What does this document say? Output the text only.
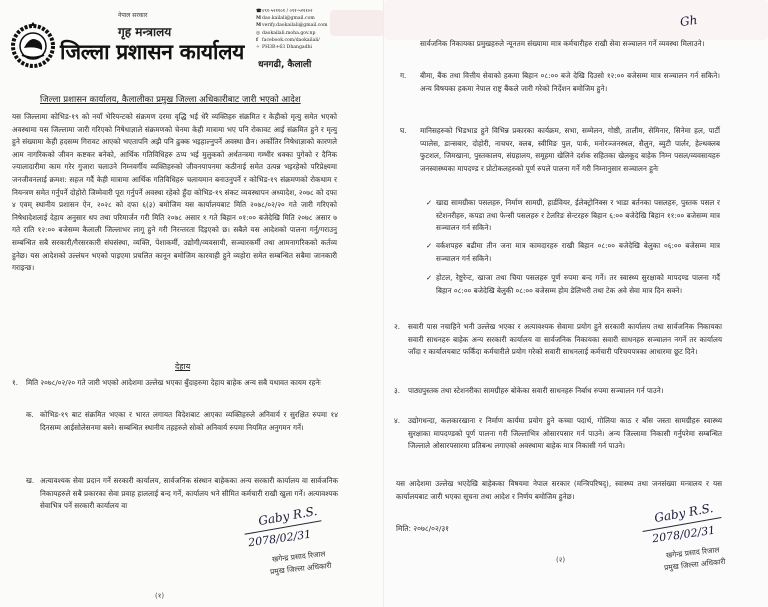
नेपाल सरकार
गृह मन्त्रालय
जिल्ला प्रशासन कार्यालय
☎०९१-५२११०१ / ०९१-५२११०२
Mdao.kailali@gmail.com
Mverify.daokailali@gmail.com
◎ daokailali.moha.gov.np
f facebook.com/daokailali/
⁘ PH3R+63 Dhangadhi
धनगढी, कैलाली
जिल्ला प्रशासन कार्यालय, कैलालीका प्रमुख जिल्ला अधिकारीबाट जारी भएको आदेश
यस जिल्लामा कोभिड-१९ को नयाँ भेरियन्टको संक्रमण दरमा वृद्धि भई धेरै व्यक्तिहरु संक्रमित र केहीको मृत्यु समेत भएको अवस्थामा यस जिल्लामा जारी गरिएको निषेधाज्ञाले संक्रमणको चेनमा केही मात्रामा भए पनि रोकावट आई संक्रमित हुने र मृत्यु हुने संख्यामा केही हदसम्म गिरावट आएको भएतापनि अझै पनि ढुक्क भइहाल्नुपर्ने अवस्था छैन। अर्कोतिर निषेधाज्ञाको कारणले आम नागरिकको जीवन कष्टकर बनेको, आर्थिक गतिविधिहरु ठप्प भई मुलुकको अर्थतन्त्रमा गम्भीर धक्का पुगेको र दैनिक ज्यालादारीमा काम गरेर गुजारा चलाउने निम्नवर्गीय व्यक्तिहरुको जीवनयापनमा कठीनाई समेत उत्पन्न भइरहेको परिप्रेक्ष्यमा जनजीवनलाई क्रमश: सहज गर्दै केही मात्रामा आर्थिक गतिविधिहरु चलायमान बनाउनुपर्ने र कोभिड-१९ संक्रमणको रोकथाम र नियन्त्रण समेत गर्नुपर्ने दोहोरो जिम्मेवारी पूरा गर्नुपर्ने अवस्था रहेको हुँदा कोभिड-१९ संकट व्यवस्थापन अध्यादेश, २०७८ को दफा ४ एवम् स्थानीय प्रशासन ऐन, २०२८ को दफा ६(३) बमोजिम यस कार्यालयबाट मिति २०७८/०२/२० गते जारी गरिएको निषेधादेशलाई देहाय अनुसार थप तथा परिमार्जन गरी मिति २०७८ असार १ गते बिहान ०१:०० बजेदेखि मिति २०७८ असार ७ गते राति १२:०० बजेसम्म कैलाली जिल्लाभर लागू हुने गरी निरन्तरता दिइएको छ। सबैले यस आदेशको पालना गर्नु/गराउनु सम्बन्धित सबै सरकारी/गैरसरकारी संघसंस्था, व्यक्ति, पेशाकर्मी, उद्योगी/व्यवसायी, सञ्चारकर्मी तथा आमनागरिकको कर्तव्य हुनेछ। यस आदेशको उल्लंघन भएको पाइएमा प्रचलित कानून बमोजिम कारवाही हुने व्यहोरा समेत सम्बन्धित सबैमा जानकारी गराइन्छ।
देहाय
१. मिति २०७८/०२/२० गते जारी भएको आदेशमा उल्लेख भएका बुँदाहरुमा देहाय बाहेक अन्य सबै यथावत कायम रहनेः
क. कोभिड-१९ बाट संक्रमित भएका र भारत लगायत विदेशबाट आएका व्यक्तिहरुले अनिवार्य र सुरक्षित रुपमा १४ दिनसम्म आईसोलेसनमा बस्ने। सम्बन्धित स्थानीय तहहरुले सोको अनिवार्य रुपमा नियमित अनुगमन गर्ने।
ख. अत्यावश्यक सेवा प्रदान गर्ने सरकारी कार्यालय, सार्वजनिक संस्थान बाहेकका अन्य सरकारी कार्यालय वा सार्वजनिक निकायहरुले सबै प्रकारका सेवा प्रवाह हाललाई बन्द गर्ने, कार्यालय भने सीमित कर्मचारी राखी खुला गर्ने। अत्यावश्यक सेवाभित्र पर्ने सरकारी कार्यालय वा	Gaby R.S.
2078/02/31
खगेन्द्र प्रसाद रिजाल
प्रमुख जिल्ला अधिकारी
(१)
Gh
सार्वजनिक निकायका प्रमुखहरुले न्यूनतम संख्यामा मात्र कर्मचारीहरु राखी सेवा सञ्चालन गर्ने व्यवस्था मिलाउने।
ग. बीमा, बैंक तथा वित्तीय सेवाको हकमा बिहान ०८:०० बजे देखि दिउसो १२:०० बजेसम्म मात्र सञ्चालन गर्न सकिने। अन्य विषयका हकमा नेपाल राष्ट्र बैंकले जारी गरेको निर्देशन बमोजिम हुने।
घ. मानिसहरुको भिडभाड हुने विभिन्न प्रकारका कार्यक्रम, सभा, सम्मेलन, गोष्ठी, तालीम, सेमिनार, सिनेमा हल, पार्टी प्यालेस, डान्सबार, दोहोरी, नाचघर, क्लब, स्वीमिङ पुल, पार्क, मनोरञ्जनस्थल, सैलुन, ब्युटी पार्लर, हेल्थक्लब फुटशल, जिमखाना, पुस्तकालय, संग्रहालय, समूहमा खेलिने दर्शक सहितका खेलकूद बाहेक निम्न पसल/व्यवसायहरु जनस्वास्थ्यका मापदण्ड र प्रोटोकलहरुको पूर्ण रुपले पालना गर्ने गरी निम्नानुसार सञ्चालन हुनेः
✓ खाद्य सामग्रीका पसलहरु, निर्माण सामग्री, हार्डवियर, ईलेक्ट्रोनिक्स र भाडा बर्तनका पसलहरु, पुस्तक पसल र स्टेशनरीहरु, कपडा तथा फेन्सी पसलहरु र टेलरिङ सेन्टरहरु बिहान ६:०० बजेदेखि बिहान ११:०० बजेसम्म मात्र सञ्चालन गर्न सकिने।
✓ वर्कशपहरु बढीमा तीन जना मात्र कामदारहरु राखी बिहान ०८:०० बजेदेखि बेलुका ०६:०० बजेसम्म मात्र सञ्चालन गर्न सकिने।
✓ होटल, रेष्टुरेन्ट, खाजा तथा चिया पसलहरु पूर्ण रुपमा बन्द गर्ने। तर स्वास्थ्य सुरक्षाको मापदण्ड पालना गर्दै बिहान ०८:०० बजेदेखि बेलुकी ०८:०० बजेसम्म होम डेलिभरी तथा टेक अवे सेवा मात्र दिन सक्ने।
२. सवारी पास नचाहिने भनी उल्लेख भएका र अत्यावश्यक सेवामा प्रयोग हुने सरकारी कार्यालय तथा सार्वजनिक निकायका सवारी साधनहरु बाहेक अन्य सरकारी कार्यालय वा सार्वजनिक निकायका सवारी साधनहरु सञ्चालन नगर्ने तर कार्यालय जाँदा र कार्यालयबाट फर्किँदा कर्मचारीले प्रयोग गरेको सवारी साधनलाई कर्मचारी परिचयपत्रका आधारमा छूट दिने।
३. पाठ्यपुस्तक तथा स्टेशनरीका सामग्रीहरु बोकेका सवारी साधनहरु निर्बाध रुपमा सञ्चालन गर्न पाउने।
४. उद्योगधन्दा, कलकारखाना र निर्माण कार्यमा प्रयोग हुने कच्चा पदार्थ, गोलिया काठ र बाँस जस्ता सामग्रीहरु स्वास्थ्य सुरक्षाका मापदण्डको पूर्ण पालना गरी जिल्लाभित्र ओसारपसार गर्न पाउने। अन्य जिल्लामा निकासी गर्नुपरेमा सम्बन्धित जिल्लाले ओसारपसारमा प्रतिबन्ध लगाएको अवस्थामा बाहेक मात्र निकासी गर्न पाउने।
यस आदेशमा उल्लेख भएदेखि बाहेकका विषयमा नेपाल सरकार (मन्त्रिपरिषद्), स्वास्थ्य तथा जनसंख्या मन्त्रालय र यस कार्यालयबाट जारी भएका सूचना तथा आदेश र निर्णय बमोजिम हुनेछ।
मिति: २०७८/०२/३१
Gaby R.S.
2078/02/31
खगेन्द्र प्रसाद रिजाल
प्रमुख जिल्ला अधिकारी
(२)
